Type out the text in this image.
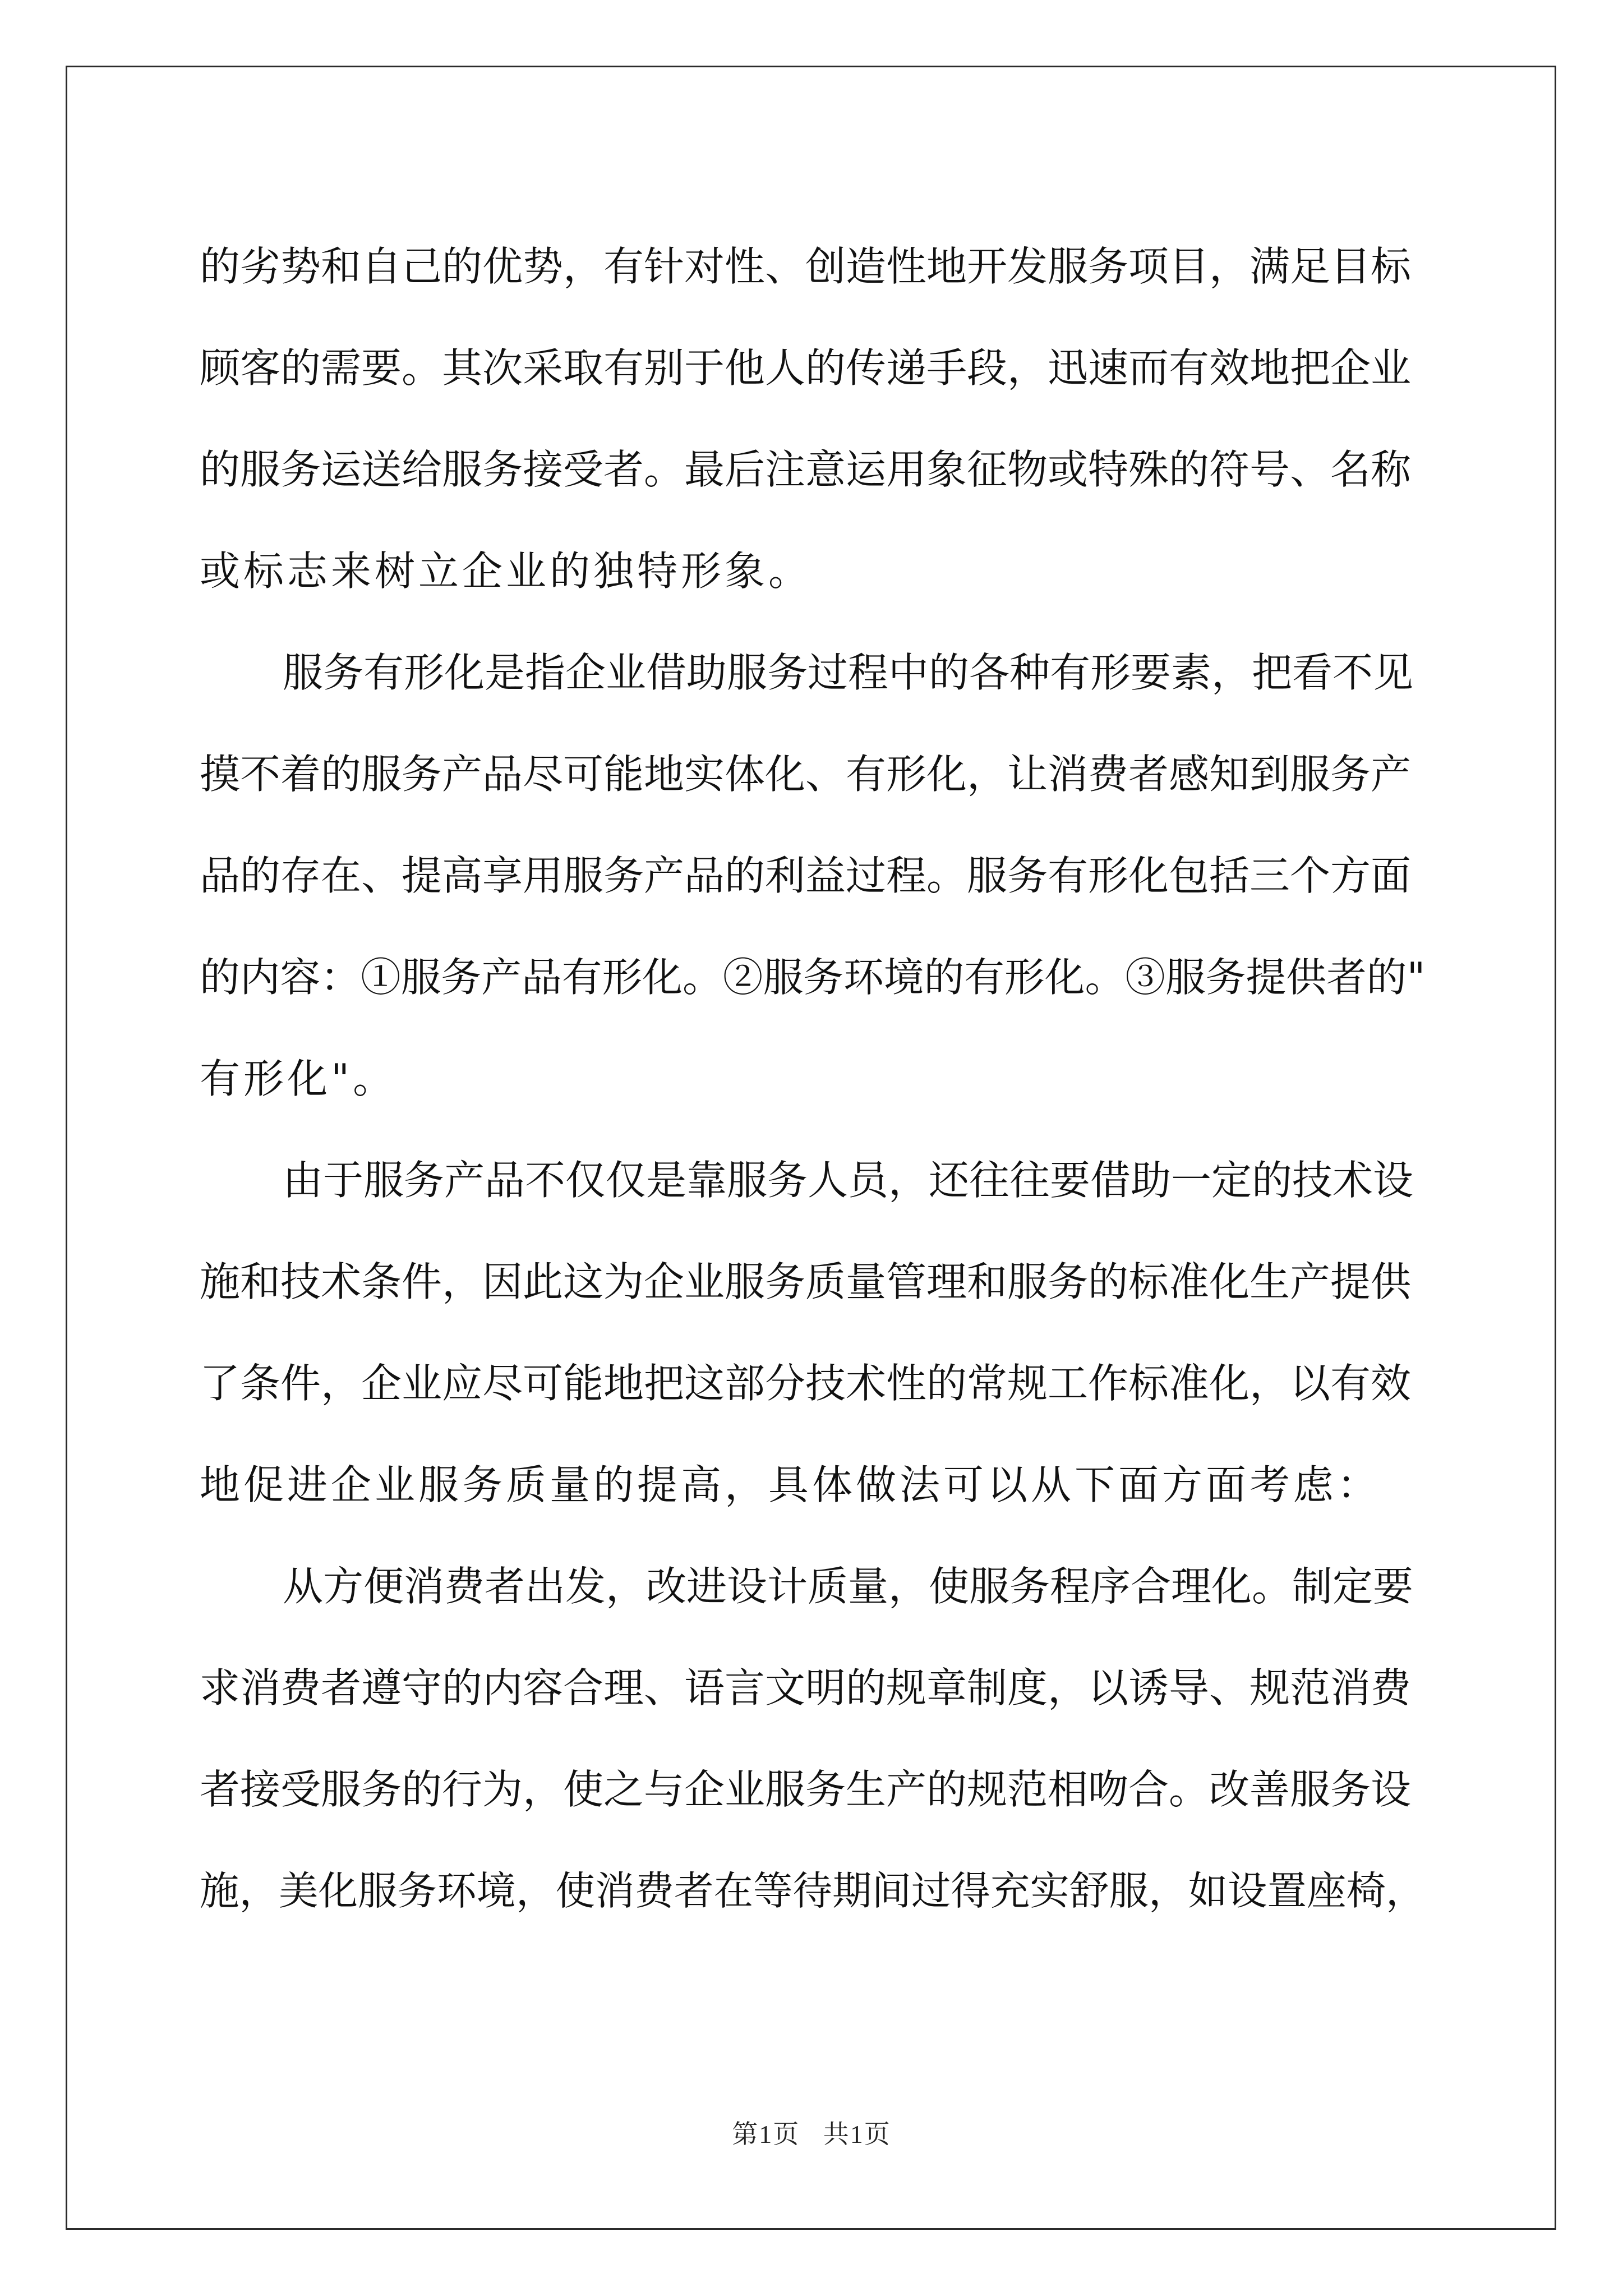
的劣势和自己的优势，有针对性、创造性地开发服务项目，满足目标
顾客的需要。其次采取有别于他人的传递手段，迅速而有效地把企业
的服务运送给服务接受者。最后注意运用象征物或特殊的符号、名称
或标志来树立企业的独特形象。
服务有形化是指企业借助服务过程中的各种有形要素，把看不见
摸不着的服务产品尽可能地实体化、有形化，让消费者感知到服务产
品的存在、提高享用服务产品的利益过程。服务有形化包括三个方面
的内容：①服务产品有形化。②服务环境的有形化。③服务提供者的"
有形化"。
由于服务产品不仅仅是靠服务人员，还往往要借助一定的技术设
施和技术条件，因此这为企业服务质量管理和服务的标准化生产提供
了条件，企业应尽可能地把这部分技术性的常规工作标准化，以有效
地促进企业服务质量的提高，具体做法可以从下面方面考虑：
从方便消费者出发，改进设计质量，使服务程序合理化。制定要
求消费者遵守的内容合理、语言文明的规章制度，以诱导、规范消费
者接受服务的行为，使之与企业服务生产的规范相吻合。改善服务设
施，美化服务环境，使消费者在等待期间过得充实舒服，如设置座椅，
第1页 共1页
